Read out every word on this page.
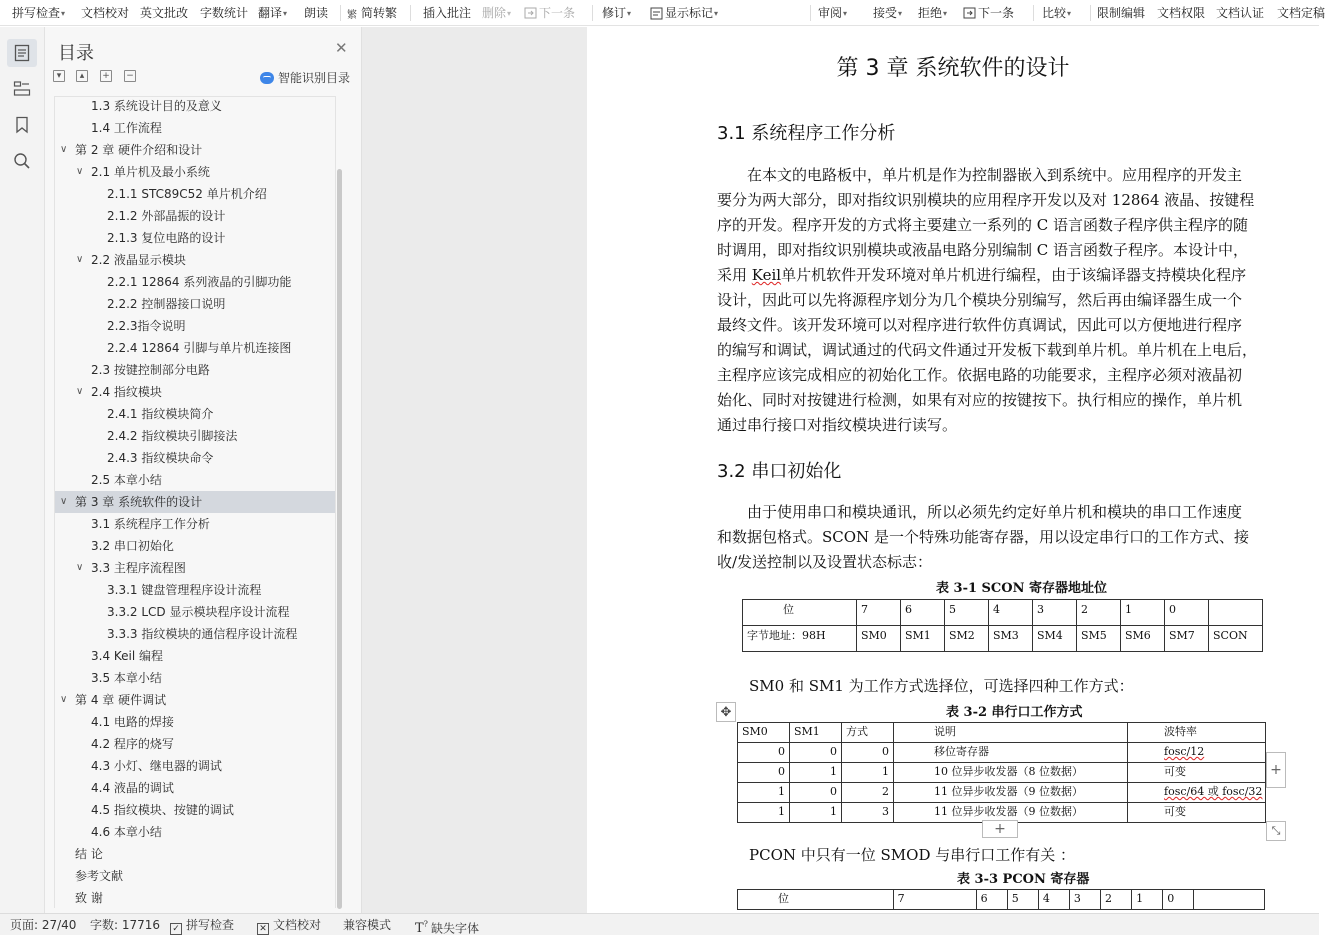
拼写检查▾ 文档校对 英文批改 字数统计 翻译▾ 朗读 繁 简转繁 插入批注 删除▾	下一条 修订▾	显示标记▾	审阅▾ 接受▾ 拒绝▾	下一条 比较▾ 限制编辑 文档权限 文档认证 文档定稿
目录	✕
▾	▴	+ −	智能识别目录
1.3 系统设计目的及意义
1.4 工作流程
∨ 第 2 章 硬件介绍和设计
∨ 2.1 单片机及最小系统
2.1.1 STC89C52 单片机介绍
2.1.2 外部晶振的设计
2.1.3 复位电路的设计
∨ 2.2 液晶显示模块
2.2.1 12864 系列液晶的引脚功能
2.2.2 控制器接口说明
2.2.3指令说明
2.2.4 12864 引脚与单片机连接图
2.3 按键控制部分电路
∨ 2.4 指纹模块
2.4.1 指纹模块简介
2.4.2 指纹模块引脚接法
2.4.3 指纹模块命令
2.5 本章小结
∨ 第 3 章 系统软件的设计
3.1 系统程序工作分析
3.2 串口初始化
∨ 3.3 主程序流程图
3.3.1 键盘管理程序设计流程
3.3.2 LCD 显示模块程序设计流程
3.3.3 指纹模块的通信程序设计流程
3.4 Keil 编程
3.5 本章小结
∨ 第 4 章 硬件调试
4.1 电路的焊接
4.2 程序的烧写
4.3 小灯、继电器的调试
4.4 液晶的调试
4.5 指纹模块、按键的调试
4.6 本章小结
结 论
参考文献
致 谢
第 3 章 系统软件的设计
3.1 系统程序工作分析
在本文的电路板中，单片机是作为控制器嵌入到系统中。应用程序的开发主
要分为两大部分，即对指纹识别模块的应用程序开发以及对 12864 液晶、按键程
序的开发。程序开发的方式将主要建立一系列的 C 语言函数子程序供主程序的随
时调用，即对指纹识别模块或液晶电路分别编制 C 语言函数子程序。本设计中，
采用 Keil单片机软件开发环境对单片机进行编程，由于该编译器支持模块化程序
设计，因此可以先将源程序划分为几个模块分别编写，然后再由编译器生成一个
最终文件。该开发环境可以对程序进行软件仿真调试，因此可以方便地进行程序
的编写和调试，调试通过的代码文件通过开发板下载到单片机。单片机在上电后，
主程序应该完成相应的初始化工作。依据电路的功能要求，主程序必须对液晶初
始化、同时对按键进行检测，如果有对应的按键按下。执行相应的操作，单片机
通过串行接口对指纹模块进行读写。
3.2 串口初始化
由于使用串口和模块通讯，所以必须先约定好单片机和模块的串口工作速度
和数据包格式。SCON 是一个特殊功能寄存器，用以设定串行口的工作方式、接
收/发送控制以及设置状态标志：
表 3-1 SCON 寄存器地址位
位	7	6	5	4	3	2	1	0	
字节地址：98H	SM0	SM1	SM2	SM3	SM4	SM5	SM6	SM7	SCON
SM0 和 SM1 为工作方式选择位，可选择四种工作方式：
✥	表 3-2 串行口工作方式
SM0	SM1	方式	说明	波特率
0	0	0	移位寄存器	fosc/12
0	1	1	10 位异步收发器（8 位数据）	可变
1	0	2	11 位异步收发器（9 位数据）	fosc/64 或 fosc/32
1	1	3	11 位异步收发器（9 位数据）	可变
+
+
⤡
PCON 中只有一位 SMOD 与串行口工作有关 ：
表 3-3 PCON 寄存器
位	7	6	5	4	3	2	1	0	
页面: 27/40 字数: 17716 ✓ 拼写检查	✕ 文档校对 兼容模式 T? 缺失字体
